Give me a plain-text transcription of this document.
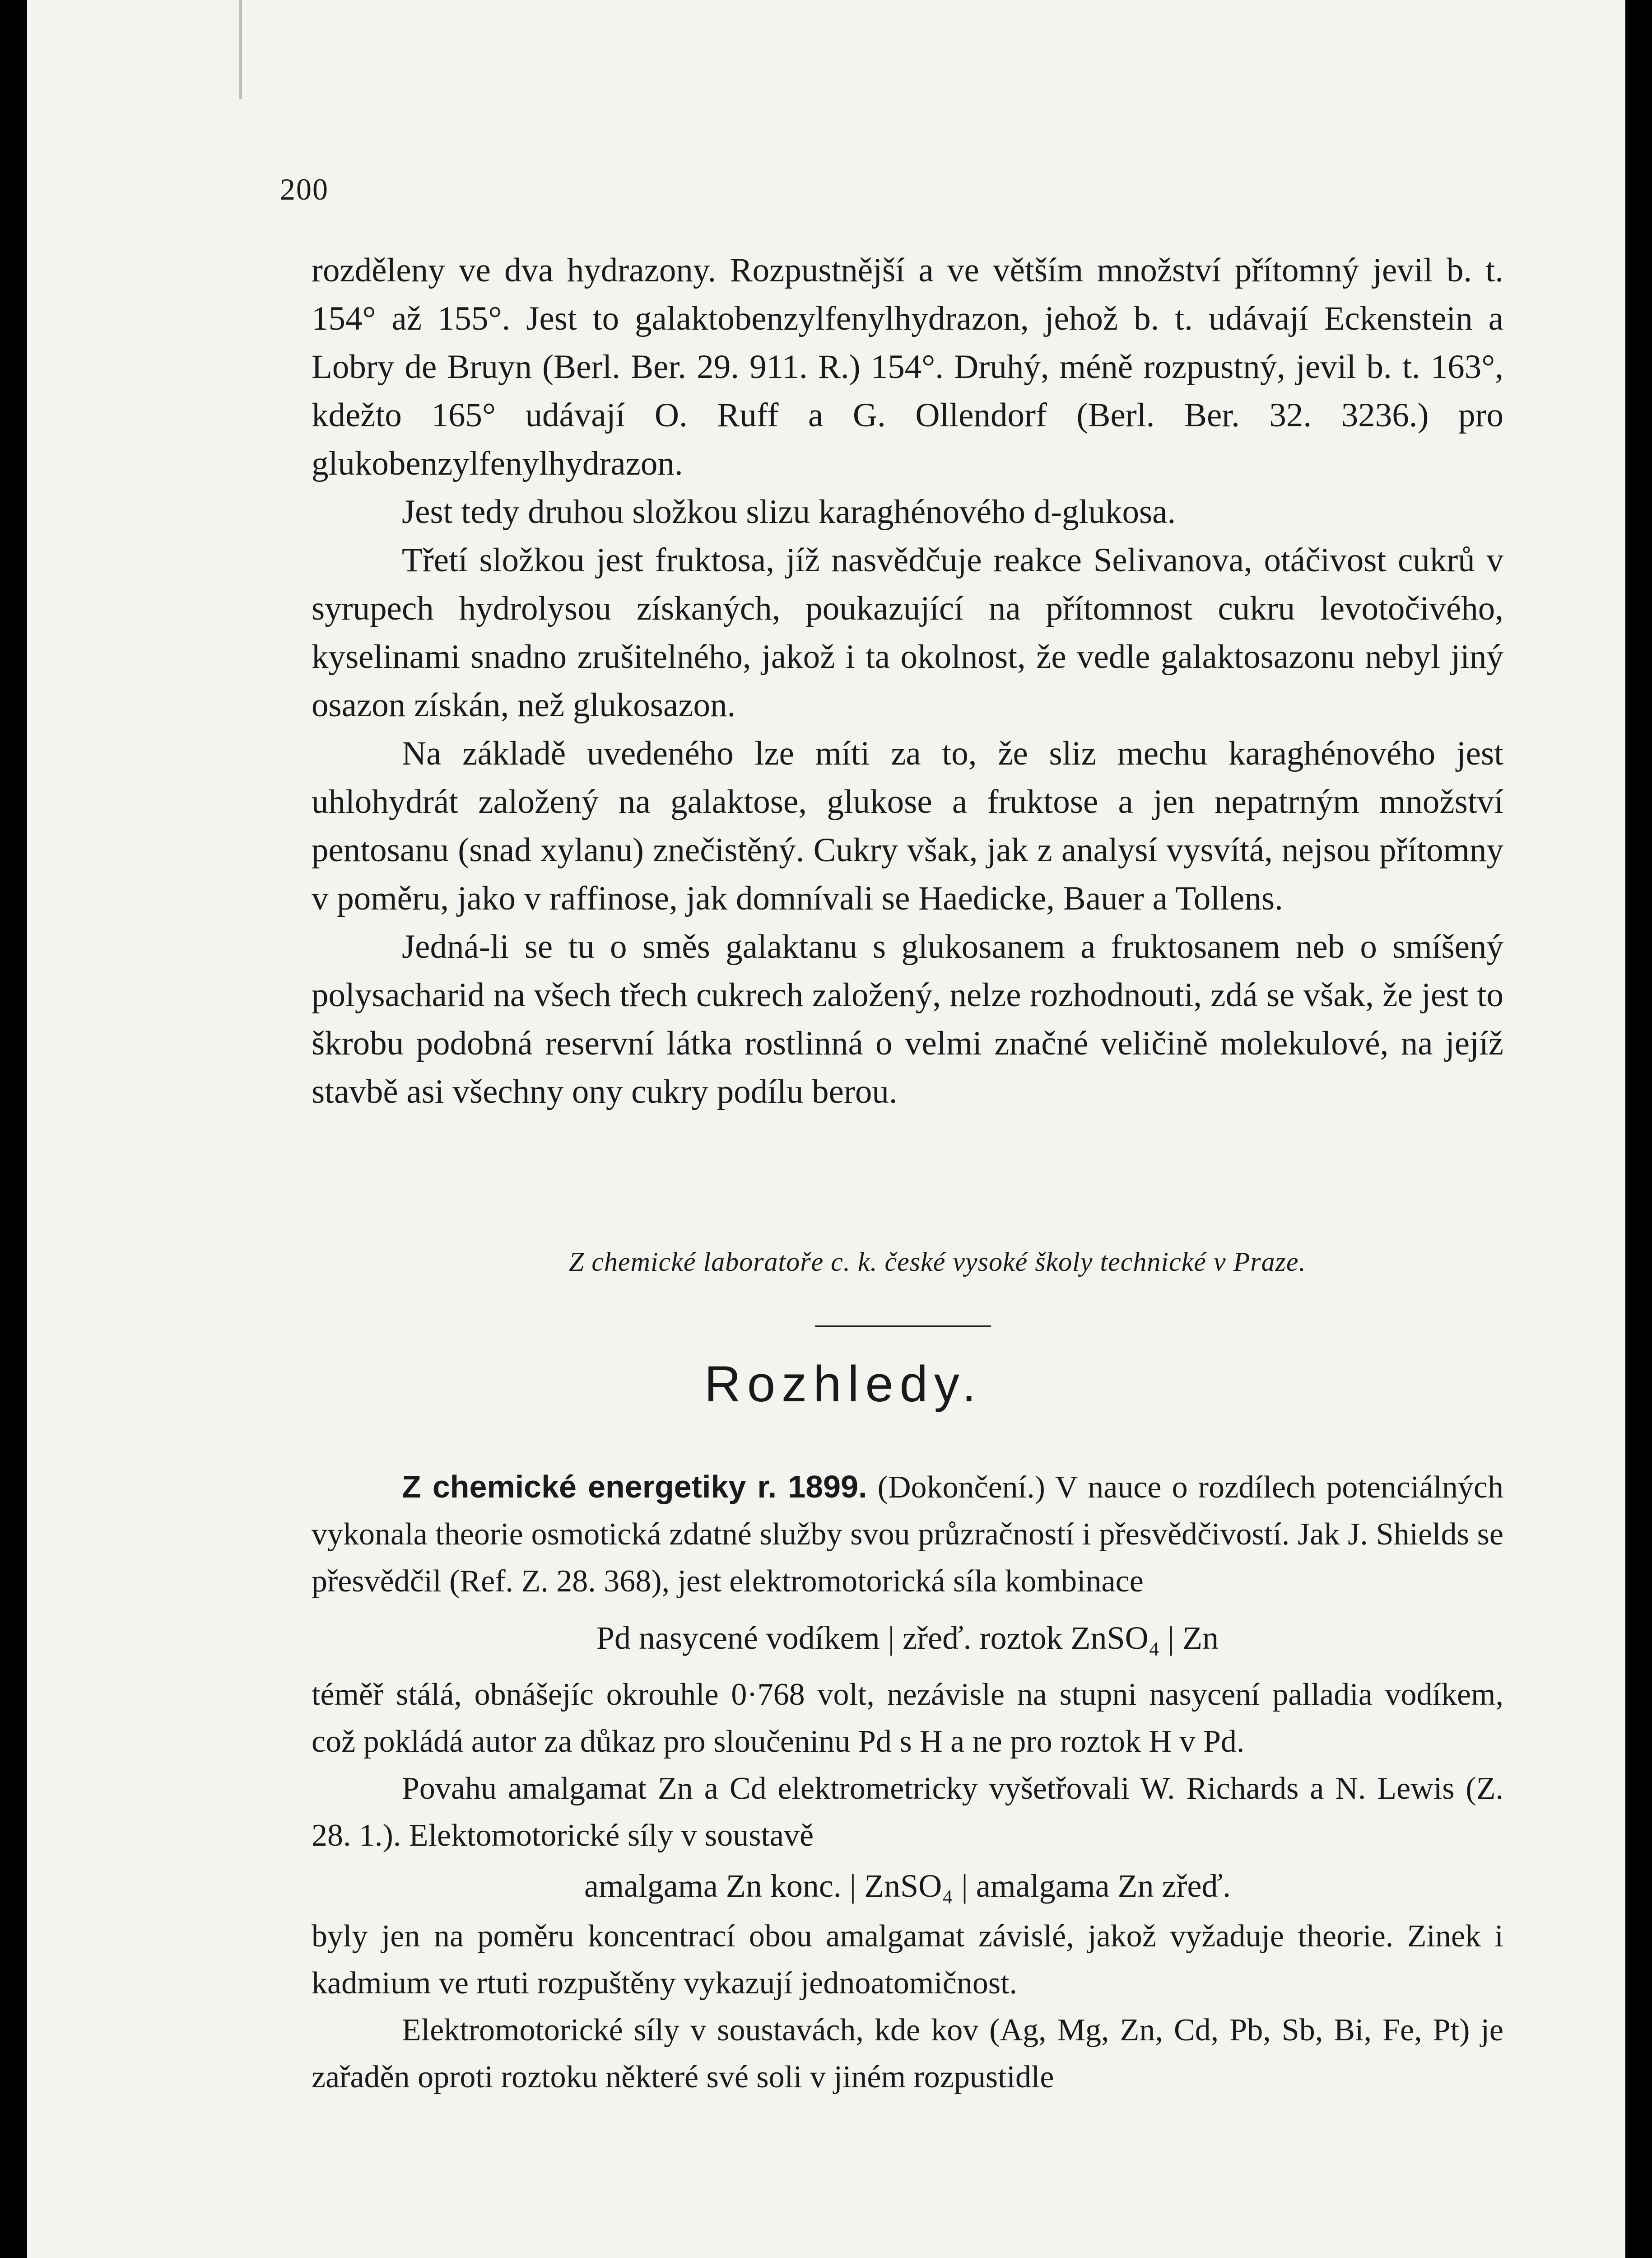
200

rozděleny ve dva hydrazony. Rozpustnější a ve větším množství přítomný jevil b. t. 154° až 155°. Jest to galaktobenzylfenylhydrazon, jehož b. t. udávají Eckenstein a Lobry de Bruyn (Berl. Ber. 29. 911. R.) 154°. Druhý, méně rozpustný, jevil b. t. 163°, kdežto 165° udávají O. Ruff a G. Ollendorf (Berl. Ber. 32. 3236.) pro glukobenzylfenylhydrazon.

Jest tedy druhou složkou slizu karaghénového d-glukosa.

Třetí složkou jest fruktosa, jíž nasvědčuje reakce Selivanova, otáčivost cukrů v syrupech hydrolysou získaných, poukazující na přítomnost cukru levotočivého, kyselinami snadno zrušitelného, jakož i ta okolnost, že vedle galaktosazonu nebyl jiný osazon získán, než glukosazon.

Na základě uvedeného lze míti za to, že sliz mechu karaghénového jest uhlohydrát založený na galaktose, glukose a fruktose a jen nepatrným množství pentosanu (snad xylanu) znečistěný. Cukry však, jak z analysí vysvítá, nejsou přítomny v poměru, jako v raffinose, jak domnívali se Haedicke, Bauer a Tollens.

Jedná-li se tu o směs galaktanu s glukosanem a fruktosanem neb o smíšený polysacharid na všech třech cukrech založený, nelze rozhodnouti, zdá se však, že jest to škrobu podobná reservní látka rostlinná o velmi značné veličině molekulové, na jejíž stavbě asi všechny ony cukry podílu berou.

Z chemické laboratoře c. k. české vysoké školy technické v Praze.
Rozhledy.

Z chemické energetiky r. 1899. (Dokončení.) V nauce o rozdílech potenciálných vykonala theorie osmotická zdatné služby svou průzračností i přesvědčivostí. Jak J. Shields se přesvědčil (Ref. Z. 28. 368), jest elektromotorická síla kombinace

Pd nasycené vodíkem | zřeď. roztok ZnSO₄ | Zn

téměř stálá, obnášejíc okrouhle 0·768 volt, nezávisle na stupni nasycení palladia vodíkem, což pokládá autor za důkaz pro sloučeninu Pd s H a ne pro roztok H v Pd.

Povahu amalgamat Zn a Cd elektrometricky vyšetřovali W. Richards a N. Lewis (Z. 28. 1.). Elektomotorické síly v soustavě

amalgama Zn konc. | ZnSO₄ | amalgama Zn zřeď.

byly jen na poměru koncentrací obou amalgamat závislé, jakož vyžaduje theorie. Zinek i kadmium ve rtuti rozpuštěny vykazují jednoatomičnost.

Elektromotorické síly v soustavách, kde kov (Ag, Mg, Zn, Cd, Pb, Sb, Bi, Fe, Pt) je zařaděn oproti roztoku některé své soli v jiném rozpustidle
